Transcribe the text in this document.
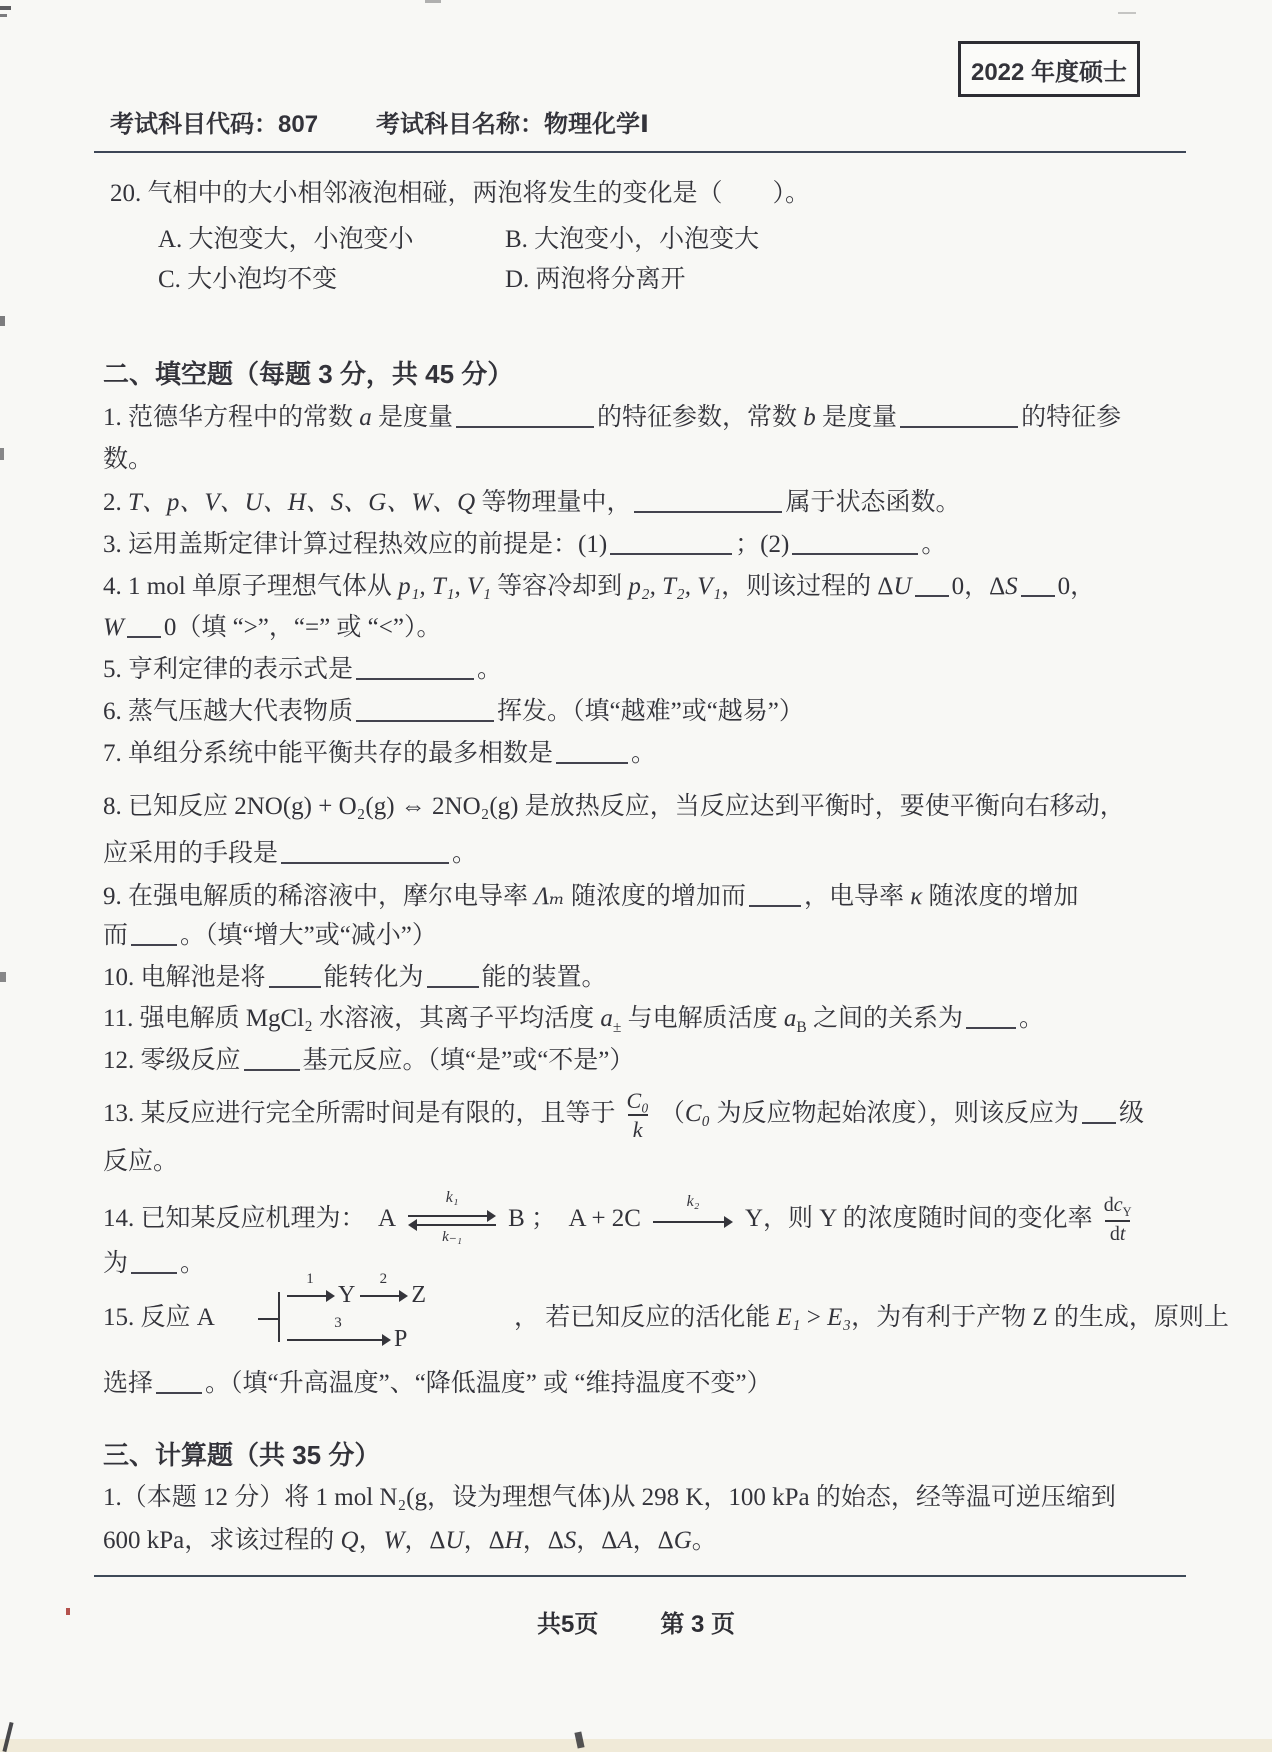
2022 年度硕士
考试科目代码：807 考试科目名称：物理化学Ⅰ
20. 气相中的大小相邻液泡相碰，两泡将发生的变化是（　　）。
A. 大泡变大，小泡变小	B. 大泡变小，小泡变大
C. 大小泡均不变	D. 两泡将分离开
二、填空题（每题 3 分，共 45 分）
1. 范德华方程中的常数 a 是度量	的特征参数，常数 b 是度量	的特征参
数。
2. T、p、V、U、H、S、G、W、Q 等物理量中，	属于状态函数。
3. 运用盖斯定律计算过程热效应的前提是：(1)	；(2)	。
4. 1 mol 单原子理想气体从 p₁, T₁, V₁ 等容冷却到 p₂, T₂, V₁，则该过程的 ΔU 0，ΔS 0，
W 0（填 “>”，“=” 或 “<”）。
5. 亨利定律的表示式是	。
6. 蒸气压越大代表物质	挥发。（填“越难”或“越易”）
7. 单组分系统中能平衡共存的最多相数是	。
8. 已知反应 2NO(g) + O₂(g) ⇔ 2NO₂(g) 是放热反应，当反应达到平衡时，要使平衡向右移动，
应采用的手段是	。
9. 在强电解质的稀溶液中，摩尔电导率 Λₘ 随浓度的增加而 ，电导率 κ 随浓度的增加
而 。（填“增大”或“减小”）
10. 电解池是将 能转化为 能的装置。
11. 强电解质 MgCl₂ 水溶液，其离子平均活度 $a_\pm$ 与电解质活度 $a_B$ 之间的关系为 。
12. 零级反应 基元反应。（填“是”或“不是”）
13. 某反应进行完全所需时间是有限的，且等于 $\frac{\text{C₀}}{k} (C_0$ 为反应物起始浓度），则该反应为 级
反应。
14. 已知某反应机理为：　A $\frac{\text{k₁}}{\text{k₋₁}}$ B ；　A + 2C
k₂
Y，则 Y 的浓度随时间的变化率 $\frac{dc_Y}{dt}$
为 。
15. 反应 A
1
Y
2
Z
3
P
， 若已知反应的活化能 E₁ > E₃，为有利于产物 Z 的生成，原则上
选择 。（填“升高温度”、“降低温度” 或 “维持温度不变”）
三、计算题（共 35 分）
1.（本题 12 分）将 1 mol N₂(g，设为理想气体)从 298 K，100 kPa 的始态，经等温可逆压缩到
600 kPa，求该过程的 Q，W，ΔU，ΔH，ΔS，ΔA，ΔG。
共5页	第 3 页
